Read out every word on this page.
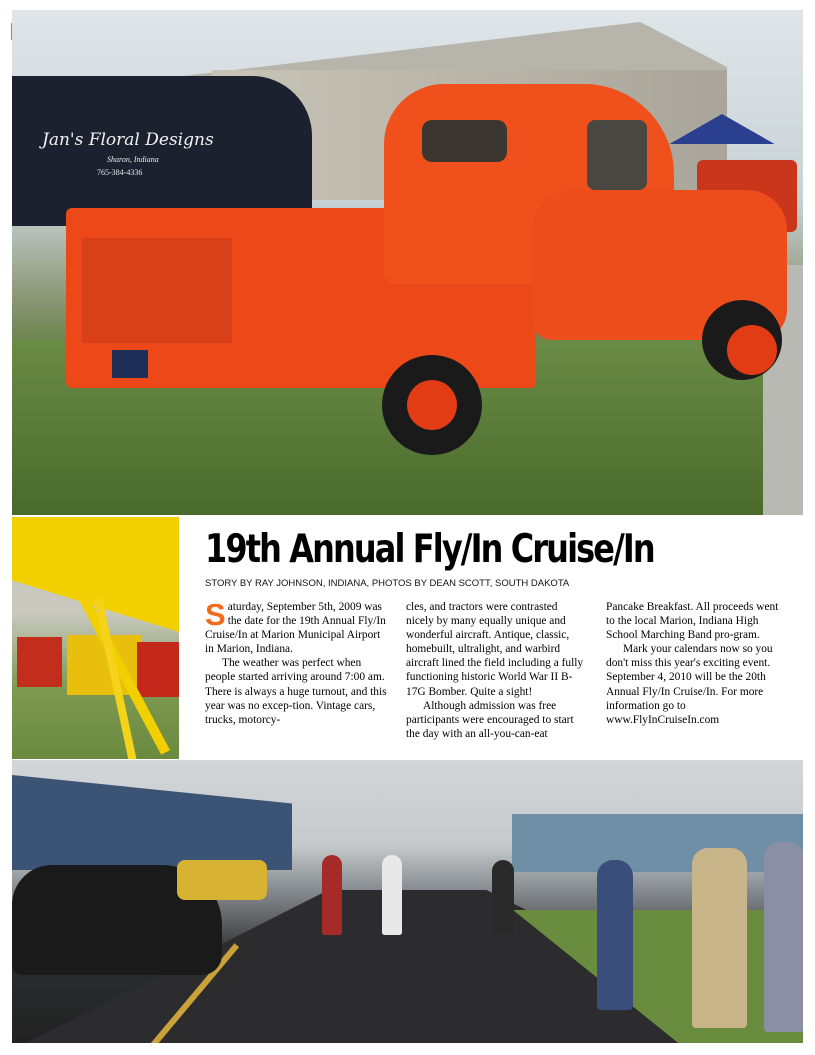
Jan's Floral Designs
Sharon, Indiana
765-384-4336
19th Annual Fly/In Cruise/In
STORY BY RAY JOHNSON, INDIANA, PHOTOS BY DEAN SCOTT, SOUTH DAKOTA

Saturday, September 5th, 2009 was the date for the 19th Annual Fly/In Cruise/In at Marion Municipal Airport in Marion, Indiana.

The weather was perfect when people started arriving around 7:00 am. There is always a huge turnout, and this year was no excep-tion. Vintage cars, trucks, motorcy-

cles, and tractors were contrasted nicely by many equally unique and wonderful aircraft. Antique, classic, homebuilt, ultralight, and warbird aircraft lined the field including a fully functioning historic World War II B-17G Bomber. Quite a sight!

Although admission was free participants were encouraged to start the day with an all-you-can-eat

Pancake Breakfast. All proceeds went to the local Marion, Indiana High School Marching Band pro-gram.

Mark your calendars now so you don't miss this year's exciting event. September 4, 2010 will be the 20th Annual Fly/In Cruise/In. For more information go to www.FlyInCruiseIn.com
